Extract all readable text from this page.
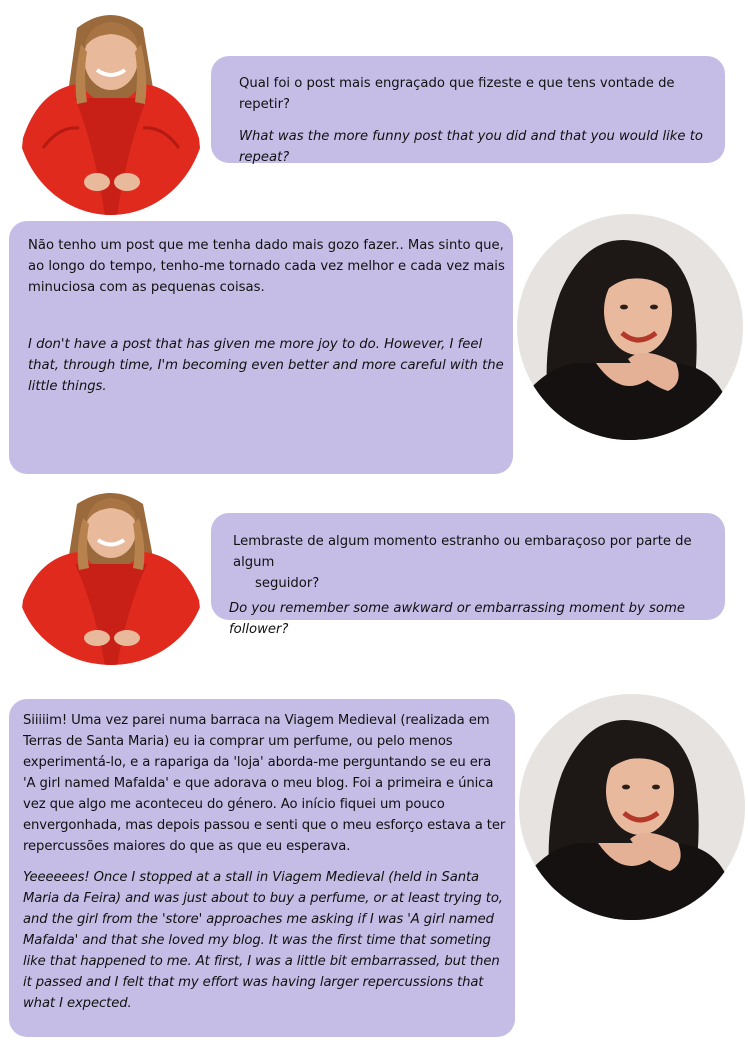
Qual foi o post mais engraçado que fizeste e que tens vontade de repetir?

What was the more funny post that you did and that you would like to repeat?

Não tenho um post que me tenha dado mais gozo fazer.. Mas sinto que, ao longo do tempo, tenho-me tornado cada vez melhor e cada vez mais minuciosa com as pequenas coisas.

I don't have a post that has given me more joy to do. However, I feel that, through time, I'm becoming even better and more careful with the little things.

Lembraste de algum momento estranho ou embaraçoso por parte de algum
seguidor?

Do you remember some awkward or embarrassing moment by some follower?

Siiiiim! Uma vez parei numa barraca na Viagem Medieval (realizada em Terras de Santa Maria) eu ia comprar um perfume, ou pelo menos experimentá-lo, e a rapariga da 'loja' aborda-me perguntando se eu era 'A girl named Mafalda' e que adorava o meu blog. Foi a primeira e única vez que algo me aconteceu do género. Ao início fiquei um pouco envergonhada, mas depois passou e senti que o meu esforço estava a ter repercussões maiores do que as que eu esperava.

Yeeeeees! Once I stopped at a stall in Viagem Medieval (held in Santa Maria da Feira) and was just about to buy a perfume, or at least trying to, and the girl from the 'store' approaches me asking if I was 'A girl named Mafalda' and that she loved my blog. It was the first time that someting like that happened to me. At first, I was a little bit embarrassed, but then it passed and I felt that my effort was having larger repercussions that what I expected.
